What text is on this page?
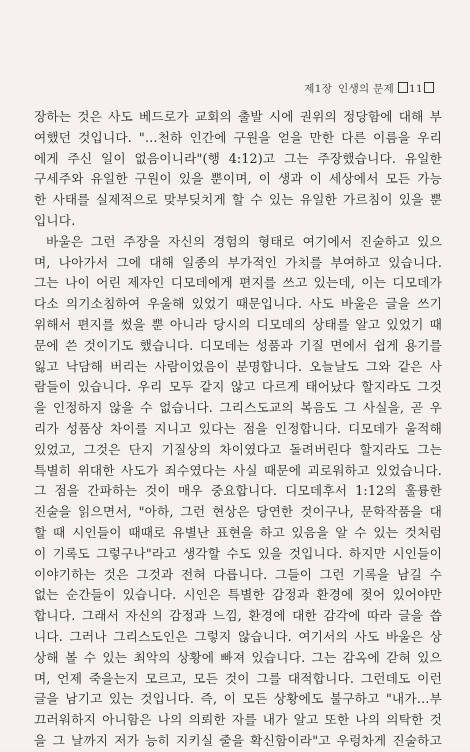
제1장 인생의 문제 11
장하는 것은 사도 베드로가 교회의 출발 시에 권위의 정당함에 대해 부
여했던 것입니다. "…천하 인간에 구원을 얻을 만한 다른 이름을 우리
에게 주신 일이 없음이니라"(행 4:12)고 그는 주장했습니다. 유일한
구세주와 유일한 구원이 있을 뿐이며, 이 생과 이 세상에서 모든 가능
한 사태를 실제적으로 맞부딪치게 할 수 있는 유일한 가르침이 있을 뿐
입니다.
바울은 그런 주장을 자신의 경험의 형태로 여기에서 진술하고 있으
며, 나아가서 그에 대해 일종의 부가적인 가치를 부여하고 있습니다.
그는 나이 어린 제자인 디모데에게 편지를 쓰고 있는데, 이는 디모데가
다소 의기소침하여 우울해 있었기 때문입니다. 사도 바울은 글을 쓰기
위해서 편지를 썼을 뿐 아니라 당시의 디모데의 상태를 알고 있었기 때
문에 쓴 것이기도 했습니다. 디모데는 성품과 기질 면에서 쉽게 용기를
잃고 낙담해 버리는 사람이었음이 분명합니다. 오늘날도 그와 같은 사
람들이 있습니다. 우리 모두 같지 않고 다르게 태어났다 할지라도 그것
을 인정하지 않을 수 없습니다. 그리스도교의 복음도 그 사실을, 곧 우
리가 성품상 차이를 지니고 있다는 점을 인정합니다. 디모데가 울적해
있었고, 그것은 단지 기질상의 차이였다고 돌려버린다 할지라도 그는
특별히 위대한 사도가 죄수였다는 사실 때문에 괴로워하고 있었습니다.
그 점을 간파하는 것이 매우 중요합니다. 디모데후서 1:12의 훌륭한
진술을 읽으면서, "아하, 그런 현상은 당연한 것이구나, 문학작품을 대
할 때 시인들이 때때로 유별난 표현을 하고 있음을 알 수 있는 것처럼
이 기록도 그렇구나"라고 생각할 수도 있을 것입니다. 하지만 시인들이
이야기하는 것은 그것과 전혀 다릅니다. 그들이 그런 기록을 남길 수
없는 순간들이 있습니다. 시인은 특별한 감정과 환경에 젖어 있어야만
합니다. 그래서 자신의 감정과 느낌, 환경에 대한 감각에 따라 글을 씁
니다. 그러나 그리스도인은 그렇지 않습니다. 여기서의 사도 바울은 상
상해 볼 수 있는 최악의 상황에 빠져 있습니다. 그는 감옥에 갇혀 있으
며, 언제 죽을는지 모르고, 모든 것이 그를 대적합니다. 그런데도 이런
글을 남기고 있는 것입니다. 즉, 이 모든 상황에도 불구하고 "내가…부
끄러워하지 아니함은 나의 의뢰한 자를 내가 알고 또한 나의 의탁한 것
을 그 날까지 저가 능히 지키실 줄을 확신함이라"고 우렁차게 진술하고
